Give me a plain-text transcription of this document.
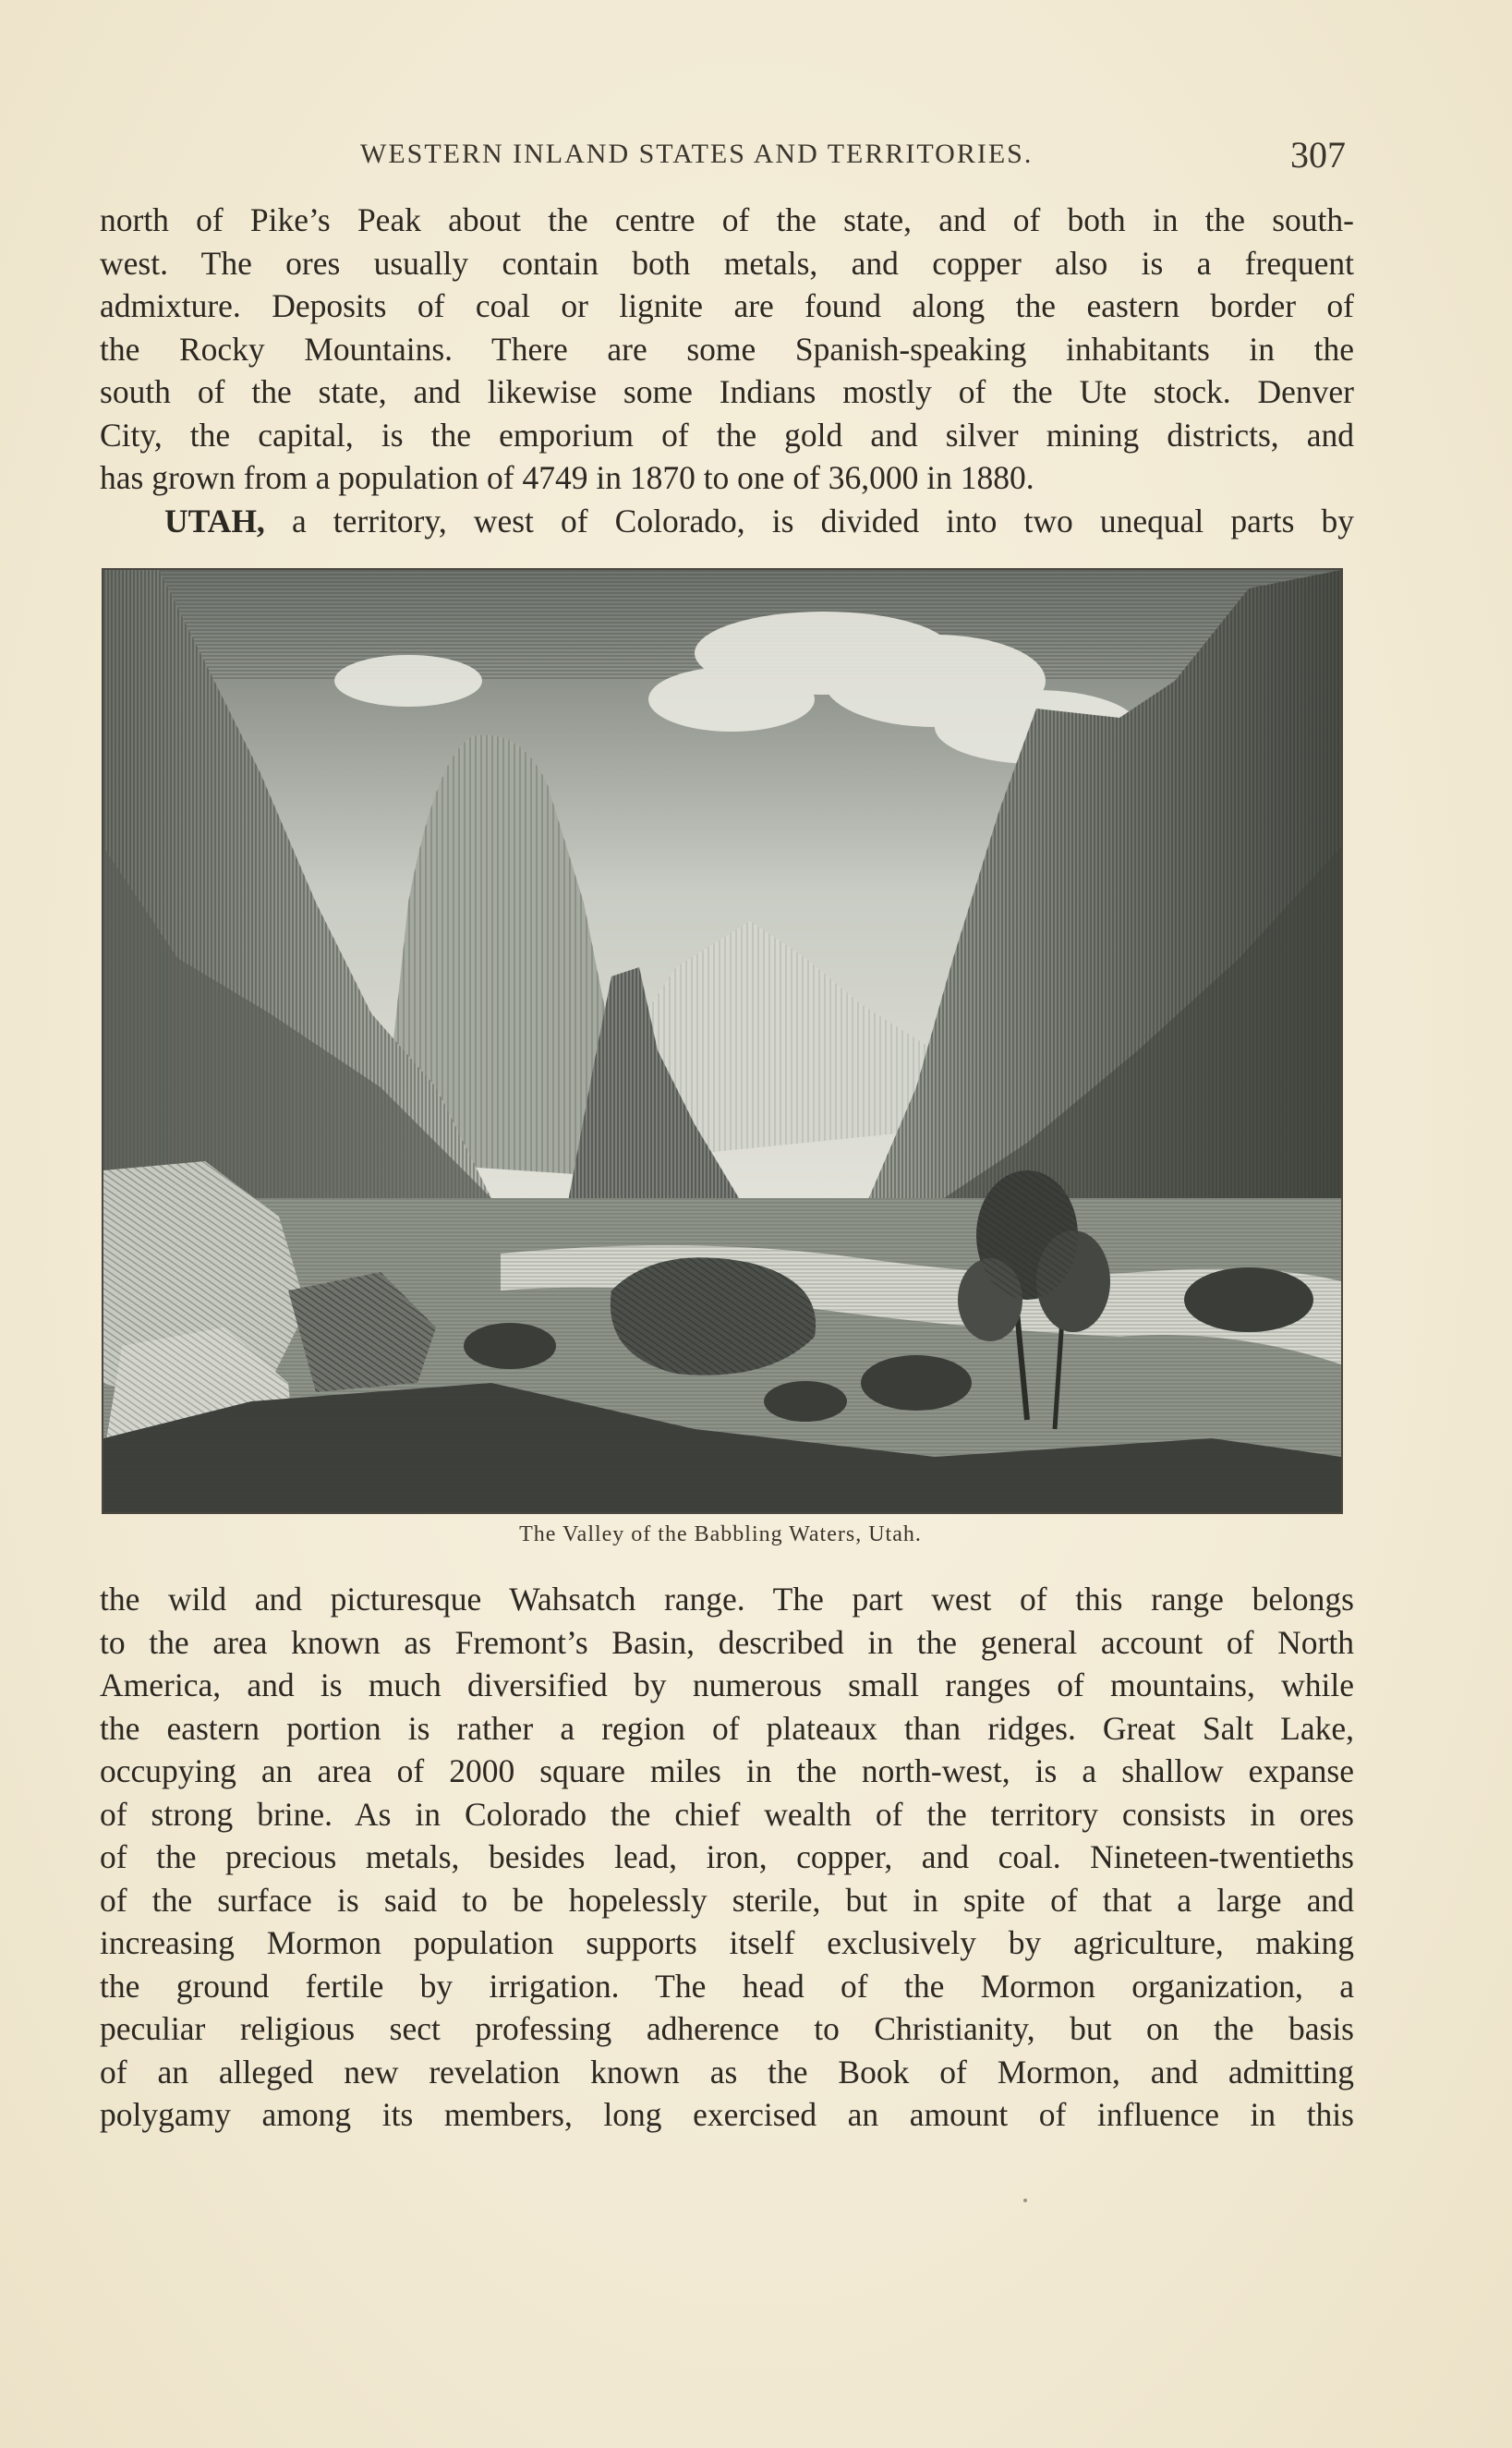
WESTERN INLAND STATES AND TERRITORIES.	307
north of Pike’s Peak about the centre of the state, and of both in the south-
west. The ores usually contain both metals, and copper also is a frequent
admixture. Deposits of coal or lignite are found along the eastern border of
the Rocky Mountains. There are some Spanish-speaking inhabitants in the
south of the state, and likewise some Indians mostly of the Ute stock. Denver
City, the capital, is the emporium of the gold and silver mining districts, and
has grown from a population of 4749 in 1870 to one of 36,000 in 1880.
UTAH, a territory, west of Colorado, is divided into two unequal parts by
The Valley of the Babbling Waters, Utah.
the wild and picturesque Wahsatch range. The part west of this range belongs
to the area known as Fremont’s Basin, described in the general account of North
America, and is much diversified by numerous small ranges of mountains, while
the eastern portion is rather a region of plateaux than ridges. Great Salt Lake,
occupying an area of 2000 square miles in the north-west, is a shallow expanse
of strong brine. As in Colorado the chief wealth of the territory consists in ores
of the precious metals, besides lead, iron, copper, and coal. Nineteen-twentieths
of the surface is said to be hopelessly sterile, but in spite of that a large and
increasing Mormon population supports itself exclusively by agriculture, making
the ground fertile by irrigation. The head of the Mormon organization, a
peculiar religious sect professing adherence to Christianity, but on the basis
of an alleged new revelation known as the Book of Mormon, and admitting
polygamy among its members, long exercised an amount of influence in this
